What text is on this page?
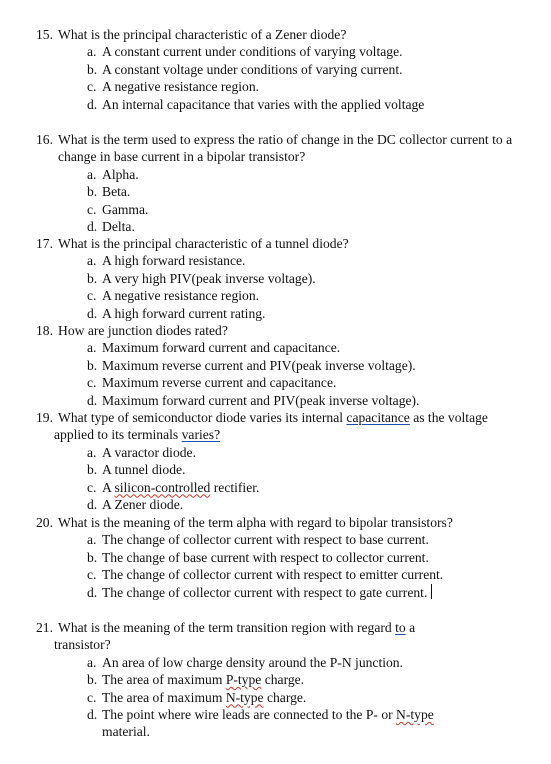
15. What is the principal characteristic of a Zener diode?
a. A constant current under conditions of varying voltage.
b. A constant voltage under conditions of varying current.
c. A negative resistance region.
d. An internal capacitance that varies with the applied voltage
16. What is the term used to express the ratio of change in the DC collector current to a change in base current in a bipolar transistor?
a. Alpha.
b. Beta.
c. Gamma.
d. Delta.
17. What is the principal characteristic of a tunnel diode?
a. A high forward resistance.
b. A very high PIV(peak inverse voltage).
c. A negative resistance region.
d. A high forward current rating.
18. How are junction diodes rated?
a. Maximum forward current and capacitance.
b. Maximum reverse current and PIV(peak inverse voltage).
c. Maximum reverse current and capacitance.
d. Maximum forward current and PIV(peak inverse voltage).
19. What type of semiconductor diode varies its internal capacitance as the voltage applied to its terminals varies?
a. A varactor diode.
b. A tunnel diode.
c. A silicon-controlled rectifier.
d. A Zener diode.
20. What is the meaning of the term alpha with regard to bipolar transistors?
a. The change of collector current with respect to base current.
b. The change of base current with respect to collector current.
c. The change of collector current with respect to emitter current.
d. The change of collector current with respect to gate current.
21. What is the meaning of the term transition region with regard to a transistor?
a. An area of low charge density around the P-N junction.
b. The area of maximum P-type charge.
c. The area of maximum N-type charge.
d. The point where wire leads are connected to the P- or N-type material.
